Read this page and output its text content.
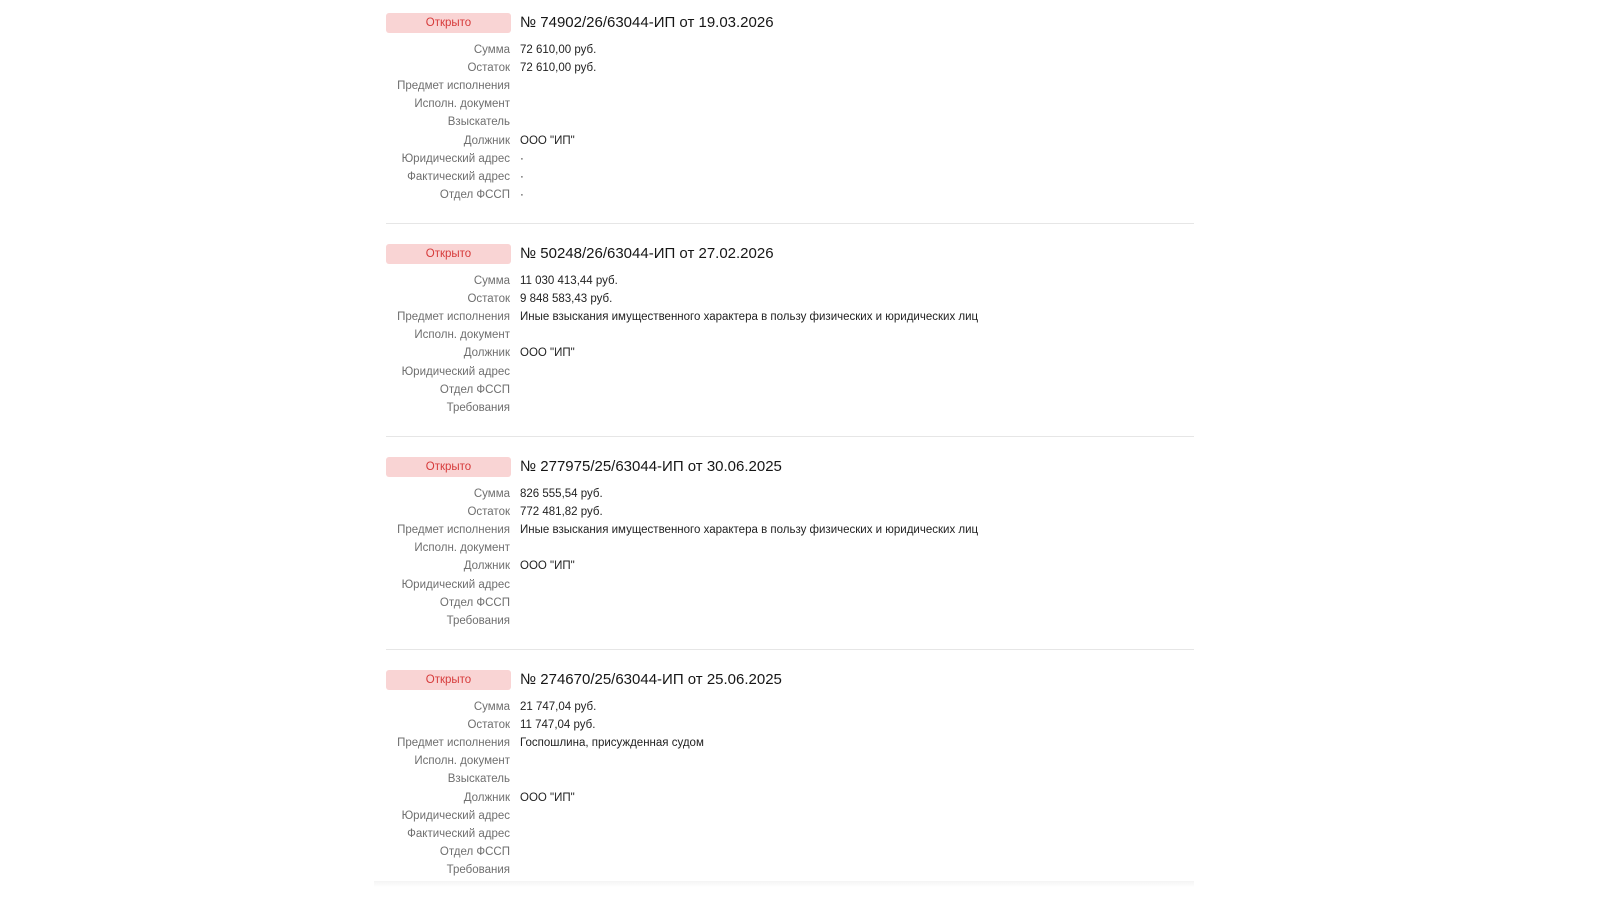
Открыто	№ 74902/26/63044-ИП от 19.03.2026
Сумма 72 610,00 руб.
Остаток 72 610,00 руб.
Предмет исполнения
Исполн. документ
Взыскатель
Должник ООО "ИП"
Юридический адрес ·
Фактический адрес ·
Отдел ФССП ·
Открыто	№ 50248/26/63044-ИП от 27.02.2026
Сумма 11 030 413,44 руб.
Остаток 9 848 583,43 руб.
Предмет исполнения Иные взыскания имущественного характера в пользу физических и юридических лиц
Исполн. документ
Должник ООО "ИП"
Юридический адрес
Отдел ФССП
Требования
Открыто	№ 277975/25/63044-ИП от 30.06.2025
Сумма 826 555,54 руб.
Остаток 772 481,82 руб.
Предмет исполнения Иные взыскания имущественного характера в пользу физических и юридических лиц
Исполн. документ
Должник ООО "ИП"
Юридический адрес
Отдел ФССП
Требования
Открыто	№ 274670/25/63044-ИП от 25.06.2025
Сумма 21 747,04 руб.
Остаток 11 747,04 руб.
Предмет исполнения Госпошлина, присужденная судом
Исполн. документ
Взыскатель
Должник ООО "ИП"
Юридический адрес
Фактический адрес
Отдел ФССП
Требования
